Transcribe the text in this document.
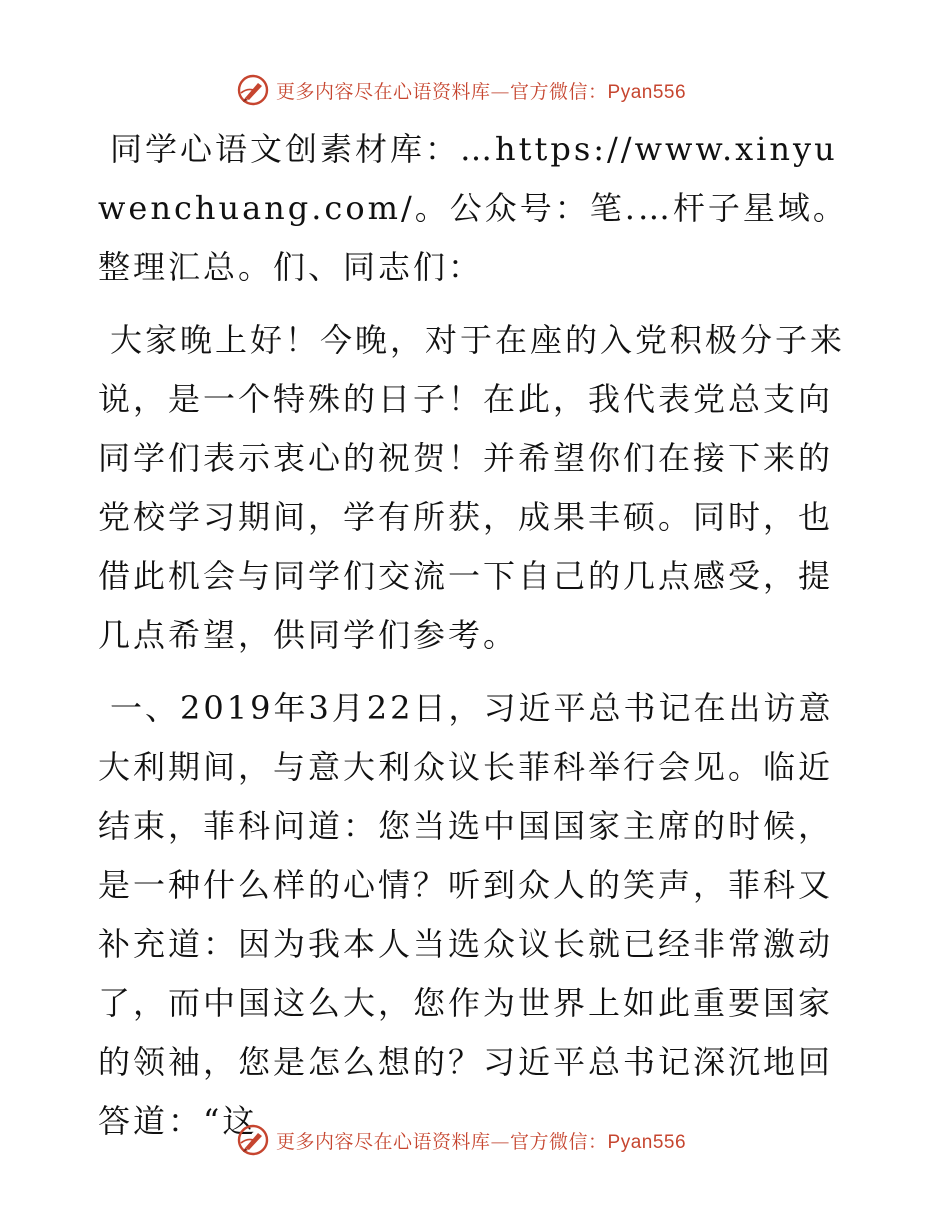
更多内容尽在心语资料库—官方微信：Pyan556

同学心语文创素材库：…https://www.xinyuwenchuang.com/。公众号：笔.…杆子星域。整理汇总。们、同志们：

大家晚上好！今晚，对于在座的入党积极分子来说，是一个特殊的日子！在此，我代表党总支向同学们表示衷心的祝贺！并希望你们在接下来的党校学习期间，学有所获，成果丰硕。同时，也借此机会与同学们交流一下自己的几点感受，提几点希望，供同学们参考。

一、2019年3月22日，习近平总书记在出访意大利期间，与意大利众议长菲科举行会见。临近结束，菲科问道：您当选中国国家主席的时候，是一种什么样的心情？听到众人的笑声，菲科又补充道：因为我本人当选众议长就已经非常激动了，而中国这么大，您作为世界上如此重要国家的领袖，您是怎么想的？习近平总书记深沉地回答道：“这

更多内容尽在心语资料库—官方微信：Pyan556
